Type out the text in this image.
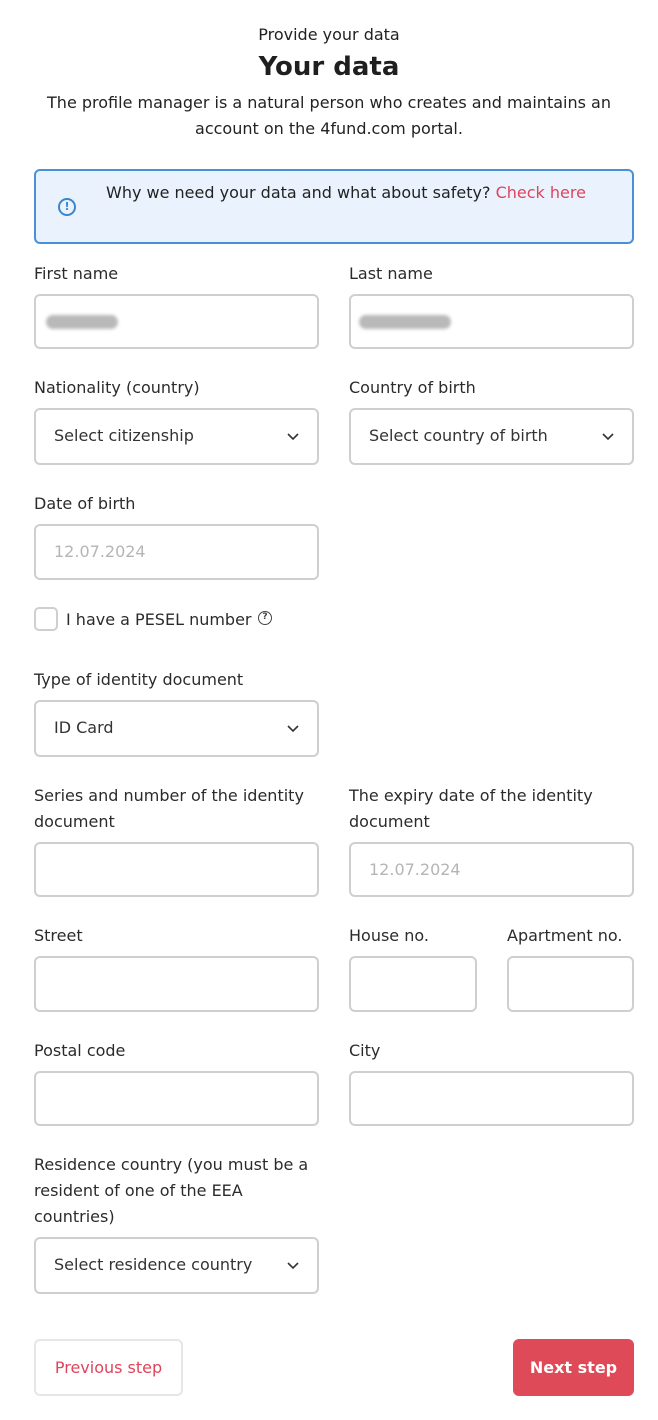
Provide your data
Your data
The profile manager is a natural person who creates and maintains an account on the 4fund.com portal.
!
Why we need your data and what about safety? Check here
First name	Last name
Nationality (country)
Select citizenship
Country of birth
Select country of birth
Date of birth
12.07.2024
I have a PESEL number	?
Type of identity document
ID Card
Series and number of the identity document
The expiry date of the identity document
12.07.2024
Street	House no.	Apartment no.
Postal code	City
Residence country (you must be a resident of one of the EEA countries)
Select residence country
Previous step	Next step
